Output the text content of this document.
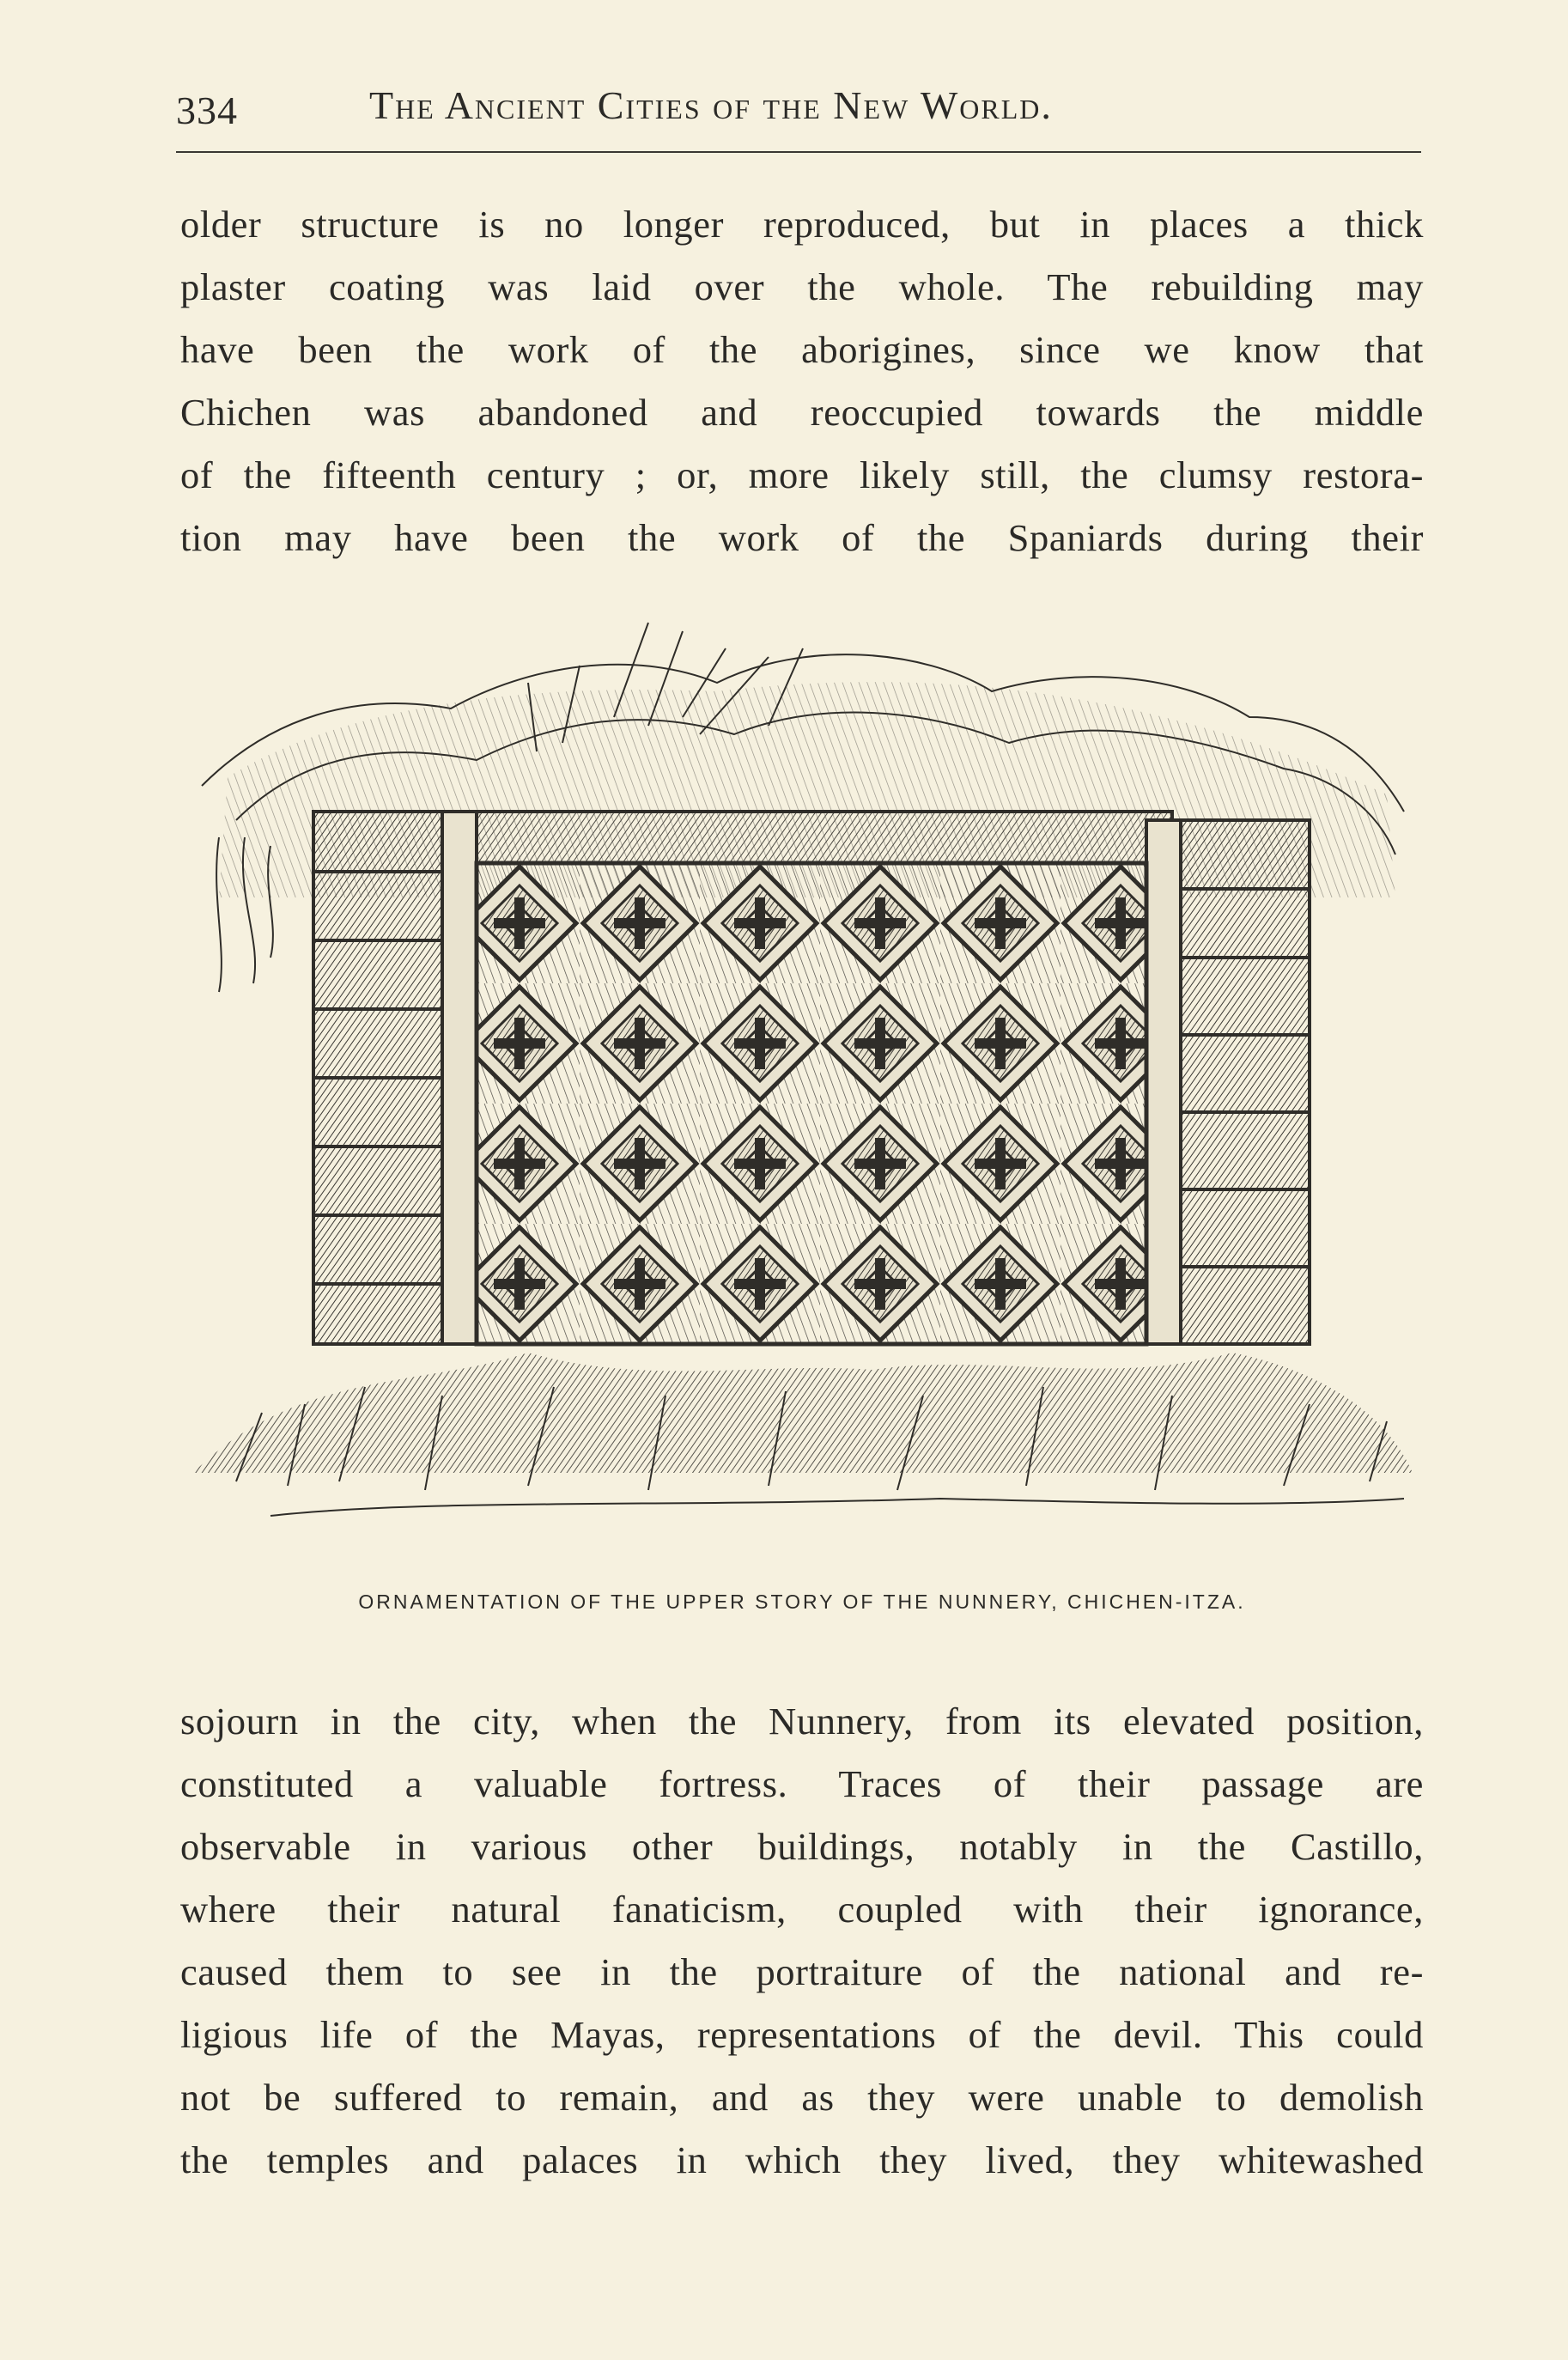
334	The Ancient Cities of the New World.
older structure is no longer reproduced, but in places a thick
plaster coating was laid over the whole. The rebuilding may
have been the work of the aborigines, since we know that
Chichen was abandoned and reoccupied towards the middle
of the fifteenth century ; or, more likely still, the clumsy restora-
tion may have been the work of the Spaniards during their
ORNAMENTATION OF THE UPPER STORY OF THE NUNNERY, CHICHEN-ITZA.
sojourn in the city, when the Nunnery, from its elevated position,
constituted a valuable fortress. Traces of their passage are
observable in various other buildings, notably in the Castillo,
where their natural fanaticism, coupled with their ignorance,
caused them to see in the portraiture of the national and re-
ligious life of the Mayas, representations of the devil. This could
not be suffered to remain, and as they were unable to demolish
the temples and palaces in which they lived, they whitewashed
